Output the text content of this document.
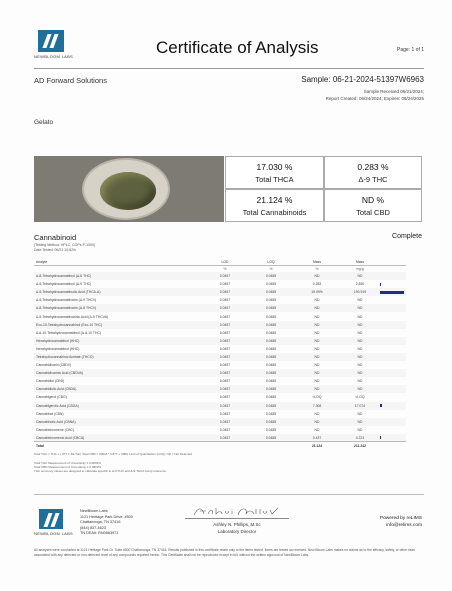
NEWBLOOM LABS	Certificate of Analysis	Page: 1 of 1
AD Forward Solutions	Sample: 06-21-2024-51397W6963
Sample Received 06/21/2024;
Report Created: 06/24/2024; Expires: 06/24/2025
Gelato
17.030 %
Total THCA
0.283 %
Δ-9 THC
21.124 %
Total Cannabinoids
ND %
Total CBD
Cannabinoid	Complete
(Testing Method: HPLC, COPs-P-1000)
Date Tested: 06/21 10:52/h
Analyte	LOD	LOQ	Mass	Mass	
	%	%	%	mg/g	
Δ-8-Tetrahydrocannabinol (Δ-8 THC)	0.0457	0.0485	ND	ND	
Δ-9-Tetrahydrocannabinol (Δ-9 THC)	0.0457	0.0485	0.283	2.830	

Δ-9-Tetrahydrocannabinolic Acid (THCA-A)	0.0457	0.0485	19.09%	190.919	

Δ-9-Tetrahydrocannabivarin (Δ-9 THCV)	0.0457	0.0485	ND	ND	
Δ-8-Tetrahydrocannabivarin (Δ-8 THCV)	0.0457	0.0485	ND	ND	
Δ-9-Tetrahydrocannabivarinic Acid (Δ-9 THCVA)	0.0457	0.0485	ND	ND	
Exo-10-Tetrahydrocannabinol (Exo-10 THC)	0.0457	0.0485	ND	ND	
Δ-6-10-Tetrahydrocannabinol (Δ-6-10 THC)	0.0457	0.0485	ND	ND	
Hexahydrocannabinol (HHC)	0.0457	0.0485	ND	ND	
Hexahydrocannabinol (HHC)	0.0457	0.0485	ND	ND	
Tetrahydrocannabinol Acetate (THCO)	0.0457	0.0485	ND	ND	
Cannabidivarin (CBDV)	0.0457	0.0485	ND	ND	
Cannabidivarinic Acid (CBDVA)	0.0457	0.0485	ND	ND	
Cannabidiol (CBD)	0.0457	0.0485	ND	ND	
Cannabidiolic Acid (CBDA)	0.0457	0.0485	ND	ND	
Cannabigerol (CBG)	0.0457	0.0485	<LOQ	<LOQ	
Cannabigerolic Acid (CBGA)	0.0457	0.0485	7.308	17.074	

Cannabinol (CBN)	0.0457	0.0485	ND	ND	
Cannabinolic Acid (CBNA)	0.0457	0.0485	ND	ND	
Cannabichromene (CBC)	0.0457	0.0485	ND	ND	
Cannabichromenic Acid (CBCA)	0.0457	0.0485	0.437	4.374	

Total			21.124	211.242	
Total THC = THC + (.877 × Δ9-THC Total CBD = CBDA * 0.877 + CBD) Limit of Quantitation (LOQ); ND = Not Detected
Total THC Measurement of Uncertainty ± 0.0802%
Total CBD Measurement of Uncertainty ± 0.0802%
THC summary values are designed to calculate specific to Δ-9-THC and Δ-9-THCA hemp reference.
NEWBLOOM LABS
NewBloom Labs
1121 Heritage Park Drive, #500
Chattanooga, TN 37416
(844) 837-4623
TN DEA#: RN0563971
Ashley N. Phillips, M.Sc
Laboratory Director
Powered by reLIMS
info@relims.com
All analyses were conducted at 1121 Heritage Park Dr. Suite #500 Chattanooga, TN 37416. Results published in this certificate relate only to the items tested. Items are tested as received. New Bloom Labs makes no claims as to the efficacy, safety, or other risks associated with any detected or non-detected level of any compounds reported herein. This Certificate shall not be reproduced except in full, without the written approval of NewBloom Labs.
